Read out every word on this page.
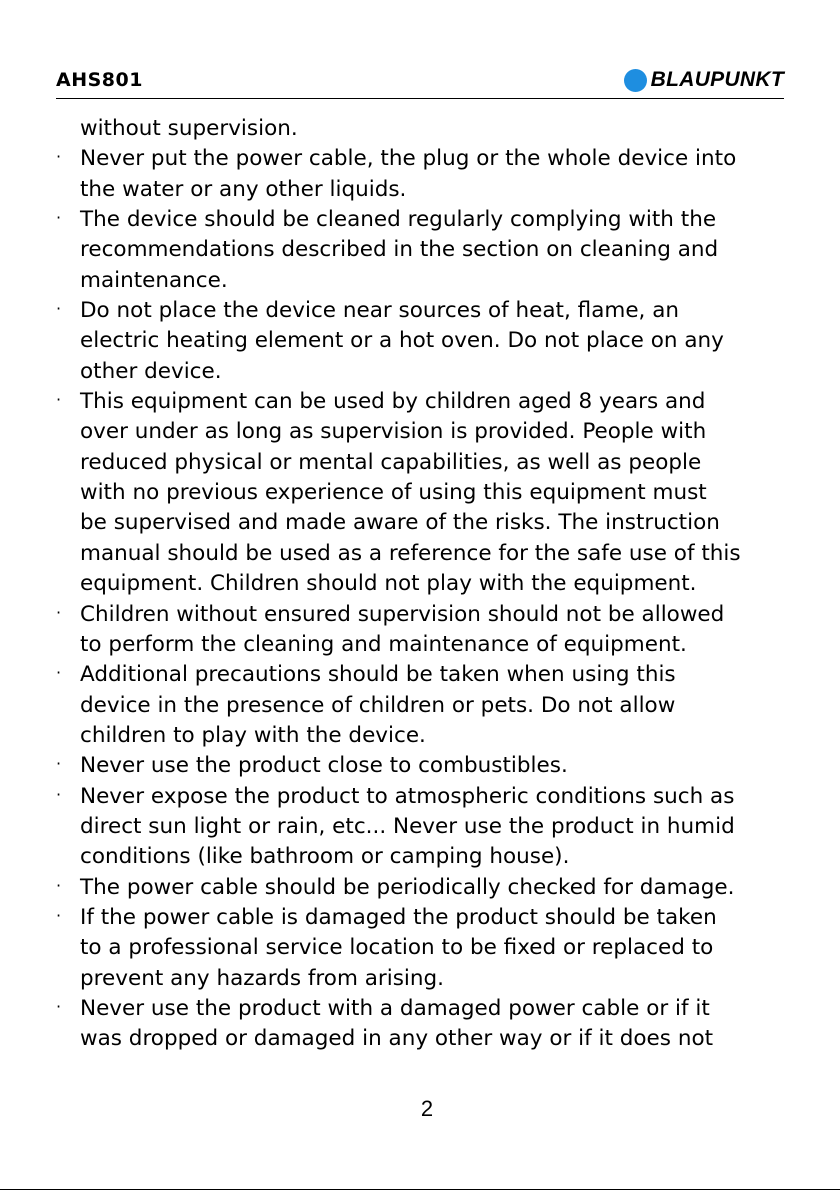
AHS801	BLAUPUNKT
without supervision.
· Never put the power cable, the plug or the whole device into
the water or any other liquids.
· The device should be cleaned regularly complying with the
recommendations described in the section on cleaning and
maintenance.
· Do not place the device near sources of heat, flame, an
electric heating element or a hot oven. Do not place on any
other device.
· This equipment can be used by children aged 8 years and
over under as long as supervision is provided. People with
reduced physical or mental capabilities, as well as people
with no previous experience of using this equipment must
be supervised and made aware of the risks. The instruction
manual should be used as a reference for the safe use of this
equipment. Children should not play with the equipment.
· Children without ensured supervision should not be allowed
to perform the cleaning and maintenance of equipment.
· Additional precautions should be taken when using this
device in the presence of children or pets. Do not allow
children to play with the device.
· Never use the product close to combustibles.
· Never expose the product to atmospheric conditions such as
direct sun light or rain, etc... Never use the product in humid
conditions (like bathroom or camping house).
· The power cable should be periodically checked for damage.
· If the power cable is damaged the product should be taken
to a professional service location to be fixed or replaced to
prevent any hazards from arising.
· Never use the product with a damaged power cable or if it
was dropped or damaged in any other way or if it does not
2
